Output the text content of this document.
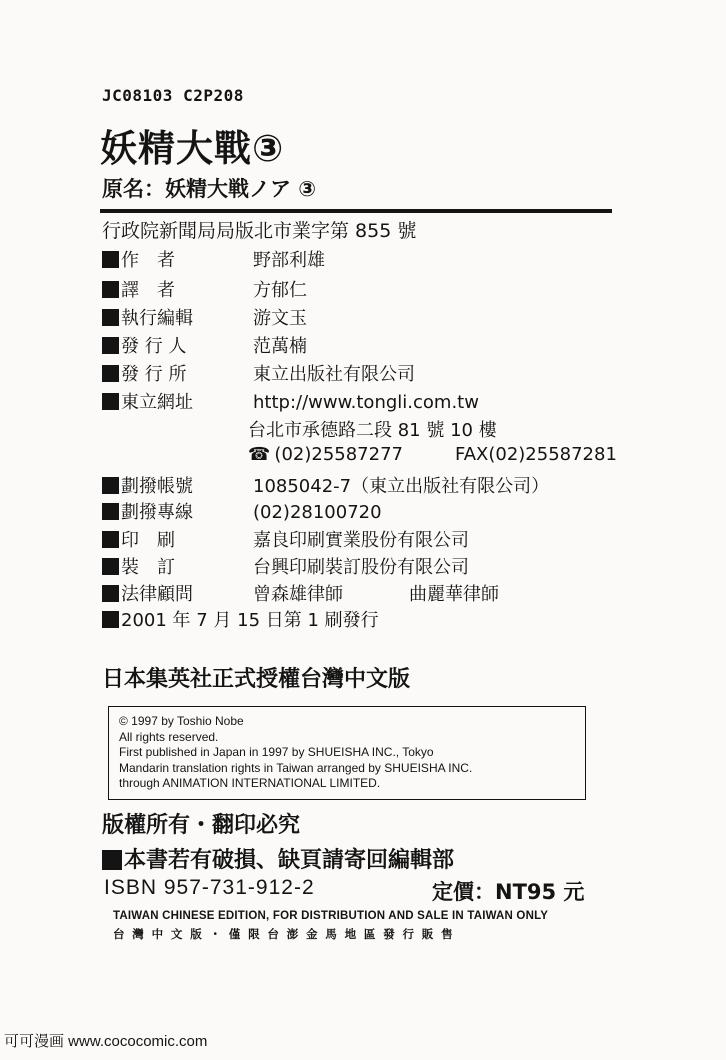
JC08103 C2P208
妖精大戰③
原名：妖精大戦ノア ③
行政院新聞局局版北市業字第 855 號
作　者	野部利雄
譯　者	方郁仁
執行編輯	游文玉
發 行 人	范萬楠
發 行 所	東立出版社有限公司
東立網址	http://www.tongli.com.tw
台北市承德路二段 81 號 10 樓
☎ (02)25587277	FAX(02)25587281
劃撥帳號	1085042-7（東立出版社有限公司）
劃撥專線	(02)28100720
印　刷	嘉良印刷實業股份有限公司
裝　訂	台興印刷裝訂股份有限公司
法律顧問	曾森雄律師	曲麗華律師
2001 年 7 月 15 日第 1 刷發行
日本集英社正式授權台灣中文版
© 1997 by Toshio Nobe
All rights reserved.
First published in Japan in 1997 by SHUEISHA INC., Tokyo
Mandarin translation rights in Taiwan arranged by SHUEISHA INC.
through ANIMATION INTERNATIONAL LIMITED.
版權所有・翻印必究
本書若有破損、缺頁請寄回編輯部
ISBN 957-731-912-2	定價：NT95 元
TAIWAN CHINESE EDITION, FOR DISTRIBUTION AND SALE IN TAIWAN ONLY
台灣中文版・僅限台澎金馬地區發行販售
可可漫画 www.cococomic.com
